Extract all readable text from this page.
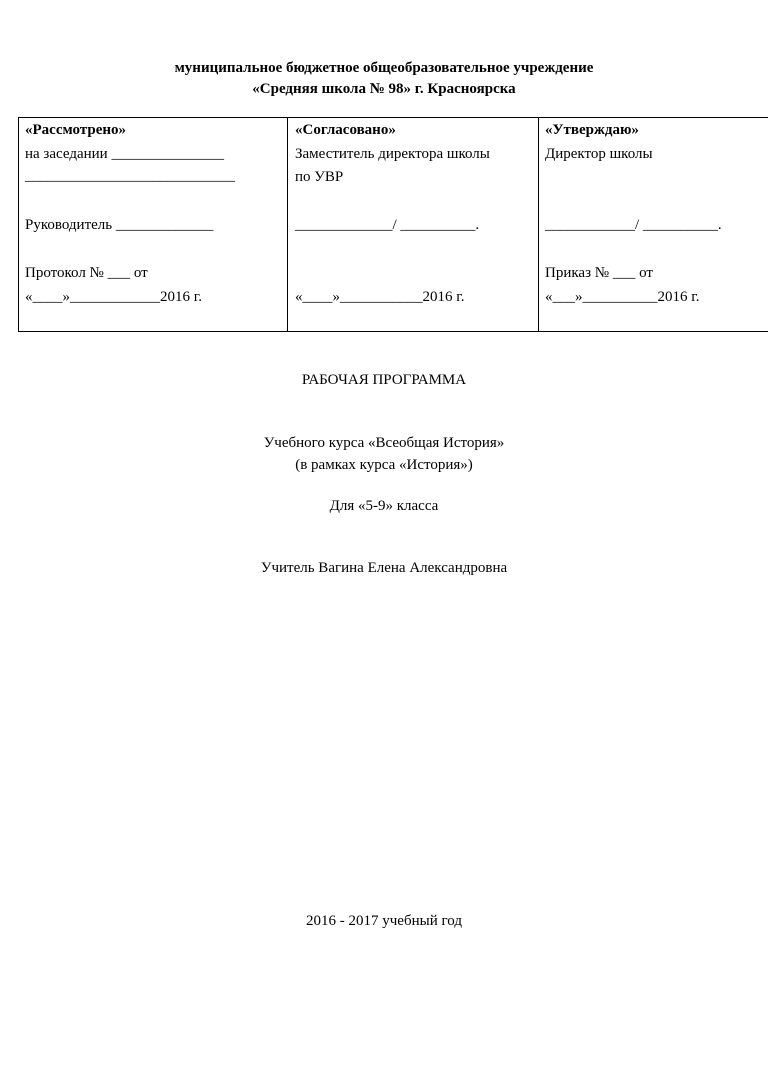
муниципальное бюджетное общеобразовательное учреждение
«Средняя школа № 98» г. Красноярска
«Рассмотрено»
на заседании _______________
____________________________
Руководитель _____________
Протокол № ___ от
«____»____________2016 г.
«Согласовано»
Заместитель директора школы
по УВР
_____________/ __________.
«____»___________2016 г.
«Утверждаю»
Директор школы
____________/ __________.
Приказ № ___ от
«___»__________2016 г.
РАБОЧАЯ ПРОГРАММА
Учебного курса «Всеобщая История»
(в рамках курса «История»)
Для «5-9» класса
Учитель Вагина Елена Александровна
2016 - 2017 учебный год
